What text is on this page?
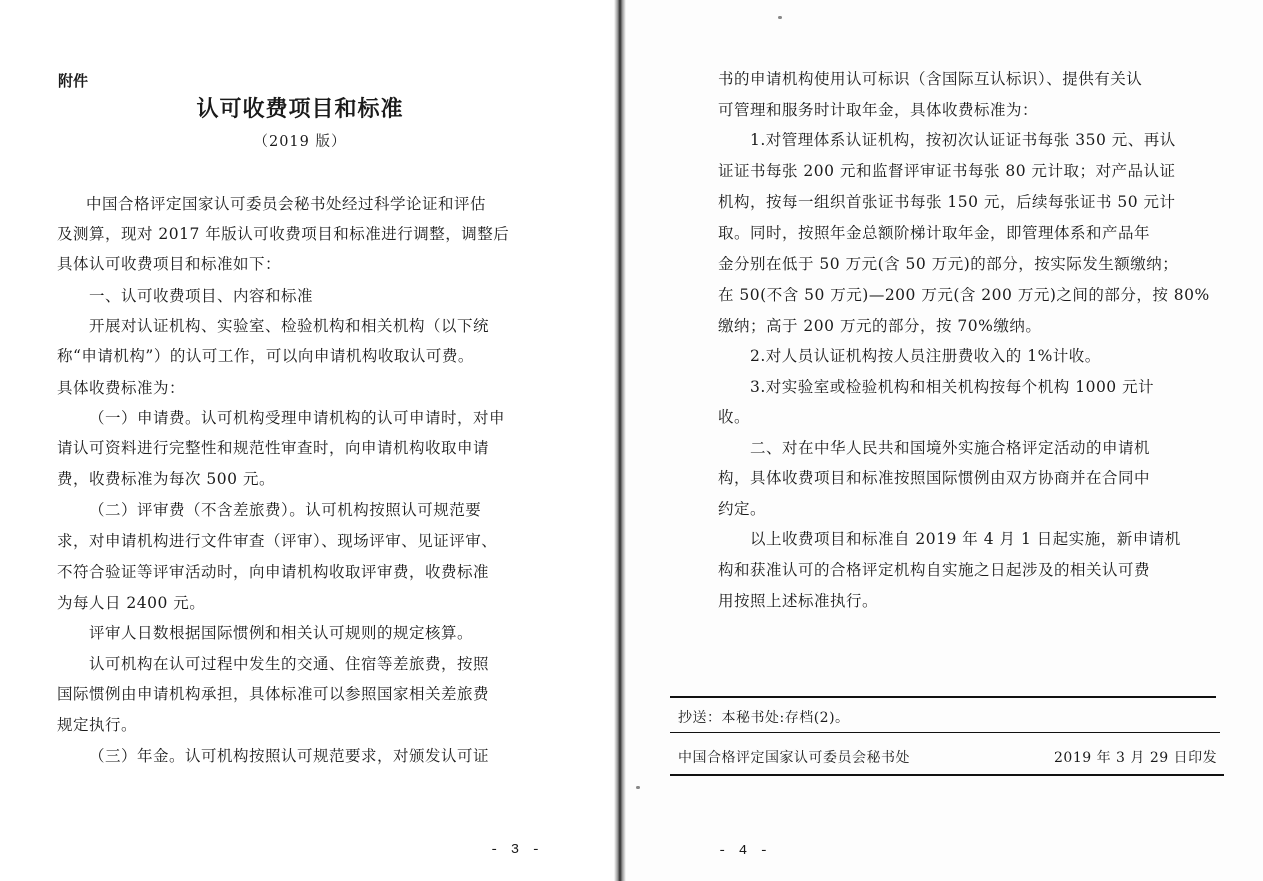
附件
认可收费项目和标准
（2019 版）
中国合格评定国家认可委员会秘书处经过科学论证和评估
及测算，现对 2017 年版认可收费项目和标准进行调整，调整后
具体认可收费项目和标准如下：
一、认可收费项目、内容和标准
开展对认证机构、实验室、检验机构和相关机构（以下统
称“申请机构”）的认可工作，可以向申请机构收取认可费。
具体收费标准为：
（一）申请费。认可机构受理申请机构的认可申请时，对申
请认可资料进行完整性和规范性审查时，向申请机构收取申请
费，收费标准为每次 500 元。
（二）评审费（不含差旅费）。认可机构按照认可规范要
求，对申请机构进行文件审查（评审）、现场评审、见证评审、
不符合验证等评审活动时，向申请机构收取评审费，收费标准
为每人日 2400 元。
评审人日数根据国际惯例和相关认可规则的规定核算。
认可机构在认可过程中发生的交通、住宿等差旅费，按照
国际惯例由申请机构承担，具体标准可以参照国家相关差旅费
规定执行。
（三）年金。认可机构按照认可规范要求，对颁发认可证
- 3 -
书的申请机构使用认可标识（含国际互认标识）、提供有关认
可管理和服务时计取年金，具体收费标准为：
1.对管理体系认证机构，按初次认证证书每张 350 元、再认
证证书每张 200 元和监督评审证书每张 80 元计取；对产品认证
机构，按每一组织首张证书每张 150 元，后续每张证书 50 元计
取。同时，按照年金总额阶梯计取年金，即管理体系和产品年
金分别在低于 50 万元(含 50 万元)的部分，按实际发生额缴纳；
在 50(不含 50 万元)—200 万元(含 200 万元)之间的部分，按 80%
缴纳；高于 200 万元的部分，按 70%缴纳。
2.对人员认证机构按人员注册费收入的 1%计收。
3.对实验室或检验机构和相关机构按每个机构 1000 元计
收。
二、对在中华人民共和国境外实施合格评定活动的申请机
构，具体收费项目和标准按照国际惯例由双方协商并在合同中
约定。
以上收费项目和标准自 2019 年 4 月 1 日起实施，新申请机
构和获准认可的合格评定机构自实施之日起涉及的相关认可费
用按照上述标准执行。
抄送：本秘书处:存档(2)。
中国合格评定国家认可委员会秘书处	2019 年 3 月 29 日印发
- 4 -
